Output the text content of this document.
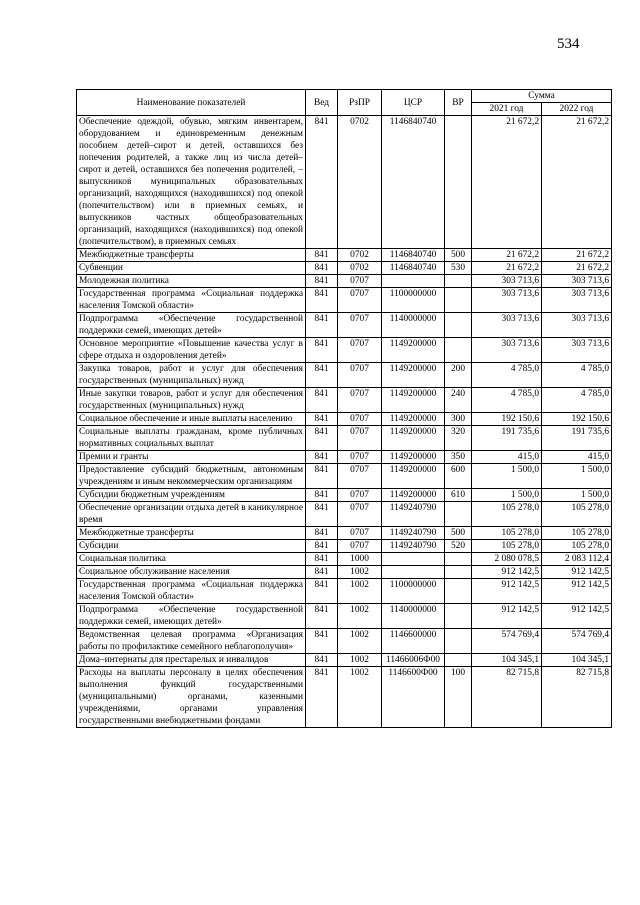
534
Наименование показателей	Вед	РзПР	ЦСР	ВР	Сумма	
					2021 год	2022 год
Обеспечение одеждой, обувью, мягким инвентарем, оборудованием и единовременным денежным пособием детей–сирот и детей, оставшихся без попечения родителей, а также лиц из числа детей–сирот и детей, оставшихся без попечения родителей, – выпускников муниципальных образовательных организаций, находящихся (находившихся) под опекой (попечительством) или в приемных семьях, и выпускников частных общеобразовательных организаций, находящихся (находившихся) под опекой (попечительством), в приемных семьях	841	0702	1146840740		21 672,2	21 672,2
Межбюджетные трансферты	841	0702	1146840740	500	21 672,2	21 672,2
Субвенции	841	0702	1146840740	530	21 672,2	21 672,2
Молодежная политика	841	0707			303 713,6	303 713,6
Государственная программа «Социальная поддержка населения Томской области»	841	0707	1100000000		303 713,6	303 713,6
Подпрограмма «Обеспечение государственной поддержки семей, имеющих детей»	841	0707	1140000000		303 713,6	303 713,6
Основное мероприятие «Повышение качества услуг в сфере отдыха и оздоровления детей»	841	0707	1149200000		303 713,6	303 713,6
Закупка товаров, работ и услуг для обеспечения государственных (муниципальных) нужд	841	0707	1149200000	200	4 785,0	4 785,0
Иные закупки товаров, работ и услуг для обеспечения государственных (муниципальных) нужд	841	0707	1149200000	240	4 785,0	4 785,0
Социальное обеспечение и иные выплаты населению	841	0707	1149200000	300	192 150,6	192 150,6
Социальные выплаты гражданам, кроме публичных нормативных социальных выплат	841	0707	1149200000	320	191 735,6	191 735,6
Премии и гранты	841	0707	1149200000	350	415,0	415,0
Предоставление субсидий бюджетным, автономным учреждениям и иным некоммерческим организациям	841	0707	1149200000	600	1 500,0	1 500,0
Субсидии бюджетным учреждениям	841	0707	1149200000	610	1 500,0	1 500,0
Обеспечение организации отдыха детей в каникулярное время	841	0707	1149240790		105 278,0	105 278,0
Межбюджетные трансферты	841	0707	1149240790	500	105 278,0	105 278,0
Субсидии	841	0707	1149240790	520	105 278,0	105 278,0
Социальная политика	841	1000			2 080 078,5	2 083 112,4
Социальное обслуживание населения	841	1002			912 142,5	912 142,5
Государственная программа «Социальная поддержка населения Томской области»	841	1002	1100000000		912 142,5	912 142,5
Подпрограмма «Обеспечение государственной поддержки семей, имеющих детей»	841	1002	1140000000		912 142,5	912 142,5
Ведомственная целевая программа «Организация работы по профилактике семейного неблагополучия»	841	1002	1146600000		574 769,4	574 769,4
Дома–интернаты для престарелых и инвалидов	841	1002	11466006Ф00		104 345,1	104 345,1
Расходы на выплаты персоналу в целях обеспечения выполнения функций государственными (муниципальными) органами, казенными учреждениями, органами управления государственными внебюджетными фондами	841	1002	1146600Ф00	100	82 715,8	82 715,8
